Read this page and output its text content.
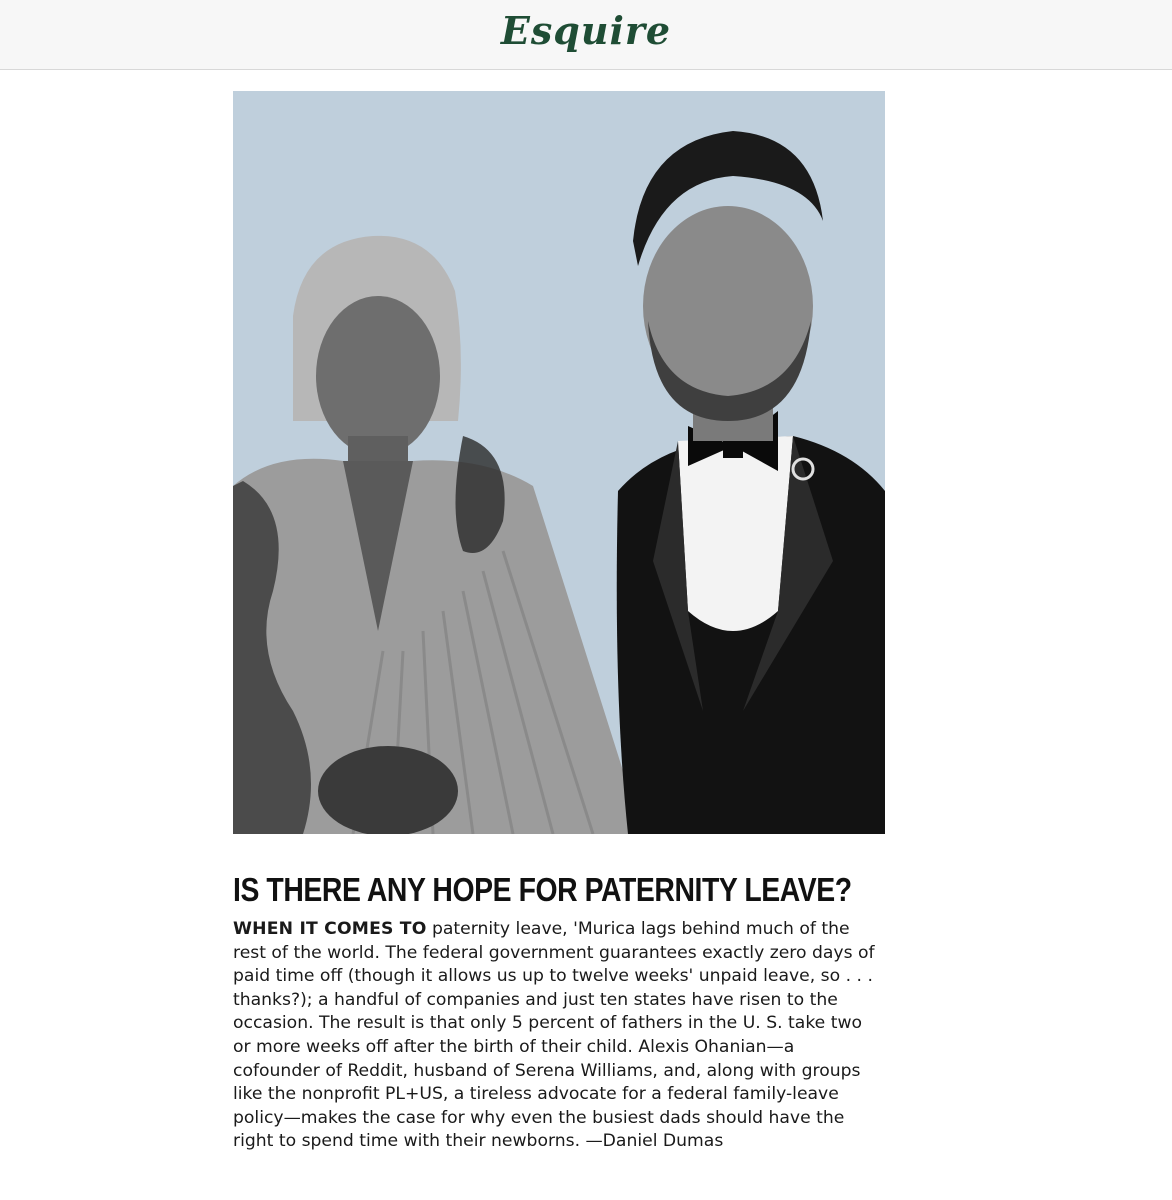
Esquire
IS THERE ANY HOPE FOR PATERNITY LEAVE?

WHEN IT COMES TO paternity leave, 'Murica lags behind much of the rest of the world. The federal government guarantees exactly zero days of paid time off (though it allows us up to twelve weeks' unpaid leave, so . . . thanks?); a handful of companies and just ten states have risen to the occasion. The result is that only 5 percent of fathers in the U. S. take two or more weeks off after the birth of their child. Alexis Ohanian—a cofounder of Reddit, husband of Serena Williams, and, along with groups like the nonprofit PL+US, a tireless advocate for a federal family-leave policy—makes the case for why even the busiest dads should have the right to spend time with their newborns. —Daniel Dumas
